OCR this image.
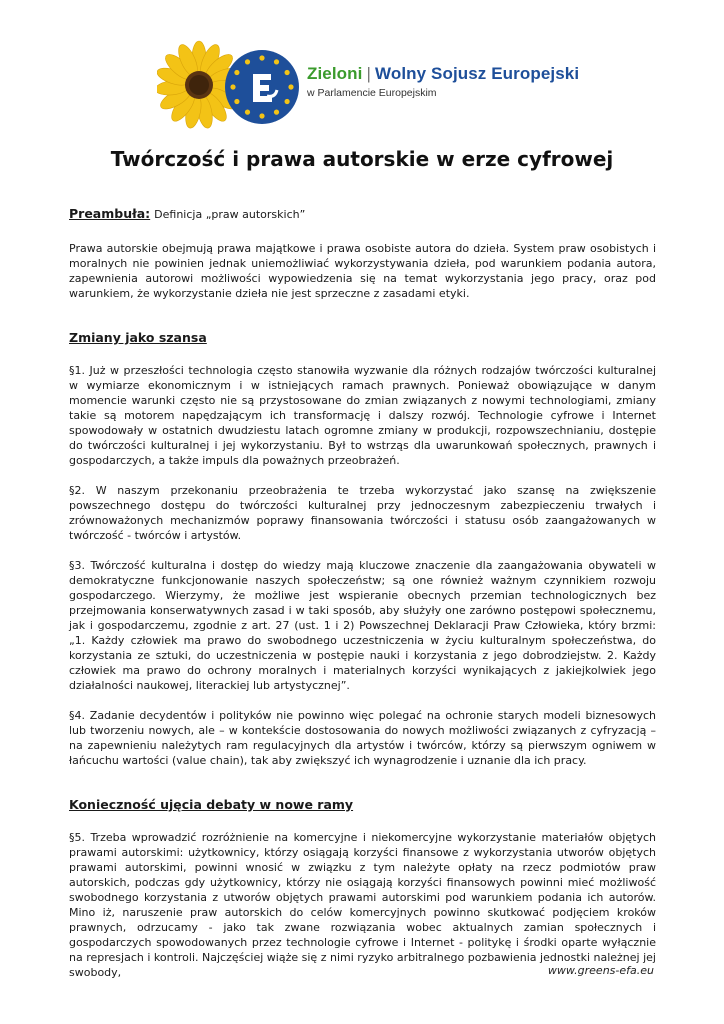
Zieloni | Wolny Sojusz Europejski
w Parlamencie Europejskim
Twórczość i prawa autorskie w erze cyfrowej
Preambuła: Definicja „praw autorskich”

Prawa autorskie obejmują prawa majątkowe i prawa osobiste autora do dzieła. System praw osobistych i moralnych nie powinien jednak uniemożliwiać wykorzystywania dzieła, pod warunkiem podania autora, zapewnienia autorowi możliwości wypowiedzenia się na temat wykorzystania jego pracy, oraz pod warunkiem, że wykorzystanie dzieła nie jest sprzeczne z zasadami etyki.

Zmiany jako szansa

§1. Już w przeszłości technologia często stanowiła wyzwanie dla różnych rodzajów twórczości kulturalnej w wymiarze ekonomicznym i w istniejących ramach prawnych. Ponieważ obowiązujące w danym momencie warunki często nie są przystosowane do zmian związanych z nowymi technologiami, zmiany takie są motorem napędzającym ich transformację i dalszy rozwój. Technologie cyfrowe i Internet spowodowały w ostatnich dwudziestu latach ogromne zmiany w produkcji, rozpowszechnianiu, dostępie do twórczości kulturalnej i jej wykorzystaniu. Był to wstrząs dla uwarunkowań społecznych, prawnych i gospodarczych, a także impuls dla poważnych przeobrażeń.

§2. W naszym przekonaniu przeobrażenia te trzeba wykorzystać jako szansę na zwiększenie powszechnego dostępu do twórczości kulturalnej przy jednoczesnym zabezpieczeniu trwałych i zrównoważonych mechanizmów poprawy finansowania twórczości i statusu osób zaangażowanych w twórczość - twórców i artystów.

§3. Twórczość kulturalna i dostęp do wiedzy mają kluczowe znaczenie dla zaangażowania obywateli w demokratyczne funkcjonowanie naszych społeczeństw; są one również ważnym czynnikiem rozwoju gospodarczego. Wierzymy, że możliwe jest wspieranie obecnych przemian technologicznych bez przejmowania konserwatywnych zasad i w taki sposób, aby służyły one zarówno postępowi społecznemu, jak i gospodarczemu, zgodnie z art. 27 (ust. 1 i 2) Powszechnej Deklaracji Praw Człowieka, który brzmi: „1. Każdy człowiek ma prawo do swobodnego uczestniczenia w życiu kulturalnym społeczeństwa, do korzystania ze sztuki, do uczestniczenia w postępie nauki i korzystania z jego dobrodziejstw. 2. Każdy człowiek ma prawo do ochrony moralnych i materialnych korzyści wynikających z jakiejkolwiek jego działalności naukowej, literackiej lub artystycznej”.

§4. Zadanie decydentów i polityków nie powinno więc polegać na ochronie starych modeli biznesowych lub tworzeniu nowych, ale – w kontekście dostosowania do nowych możliwości związanych z cyfryzacją – na zapewnieniu należytych ram regulacyjnych dla artystów i twórców, którzy są pierwszym ogniwem w łańcuchu wartości (value chain), tak aby zwiększyć ich wynagrodzenie i uznanie dla ich pracy.

Konieczność ujęcia debaty w nowe ramy

§5. Trzeba wprowadzić rozróżnienie na komercyjne i niekomercyjne wykorzystanie materiałów objętych prawami autorskimi: użytkownicy, którzy osiągają korzyści finansowe z wykorzystania utworów objętych prawami autorskimi, powinni wnosić w związku z tym należyte opłaty na rzecz podmiotów praw autorskich, podczas gdy użytkownicy, którzy nie osiągają korzyści finansowych powinni mieć możliwość swobodnego korzystania z utworów objętych prawami autorskimi pod warunkiem podania ich autorów. Mino iż, naruszenie praw autorskich do celów komercyjnych powinno skutkować podjęciem kroków prawnych, odrzucamy - jako tak zwane rozwiązania wobec aktualnych zamian społecznych i gospodarczych spowodowanych przez technologie cyfrowe i Internet - politykę i środki oparte wyłącznie na represjach i kontroli. Najczęściej wiąże się z nimi ryzyko arbitralnego pozbawienia jednostki należnej jej swobody,	www.greens-efa.eu
